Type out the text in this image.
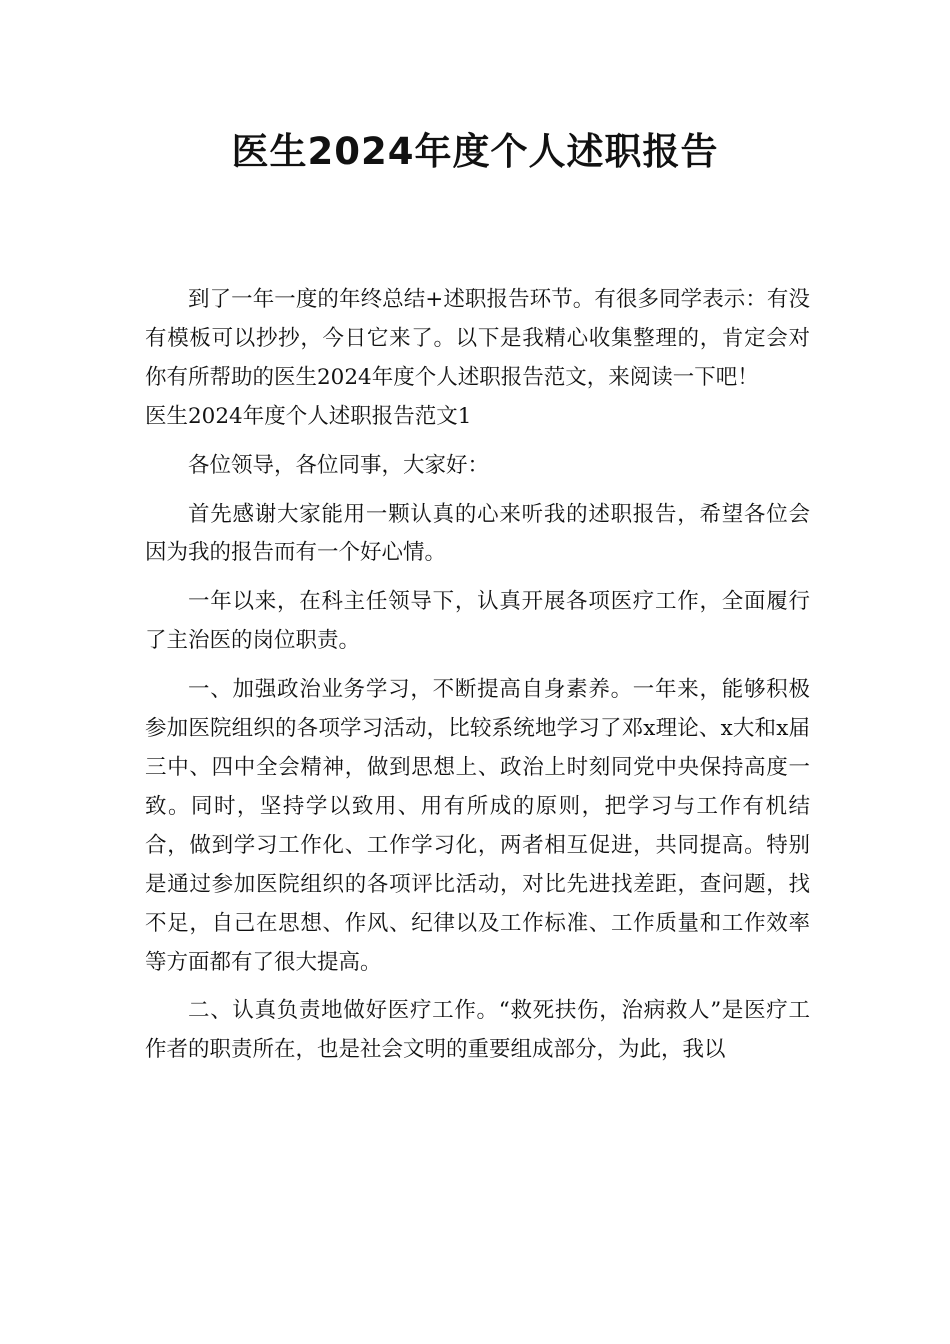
医生2024年度个人述职报告

到了一年一度的年终总结+述职报告环节。有很多同学表示：有没有模板可以抄抄，今日它来了。以下是我精心收集整理的，肯定会对你有所帮助的医生2024年度个人述职报告范文，来阅读一下吧！

医生2024年度个人述职报告范文1

各位领导，各位同事，大家好：

首先感谢大家能用一颗认真的心来听我的述职报告，希望各位会因为我的报告而有一个好心情。

一年以来，在科主任领导下，认真开展各项医疗工作，全面履行了主治医的岗位职责。

一、加强政治业务学习，不断提高自身素养。一年来，能够积极参加医院组织的各项学习活动，比较系统地学习了邓x理论、x大和x届三中、四中全会精神，做到思想上、政治上时刻同党中央保持高度一致。同时，坚持学以致用、用有所成的原则，把学习与工作有机结合，做到学习工作化、工作学习化，两者相互促进，共同提高。特别是通过参加医院组织的各项评比活动，对比先进找差距，查问题，找不足，自己在思想、作风、纪律以及工作标准、工作质量和工作效率等方面都有了很大提高。

二、认真负责地做好医疗工作。“救死扶伤，治病救人”是医疗工作者的职责所在，也是社会文明的重要组成部分，为此，我以
